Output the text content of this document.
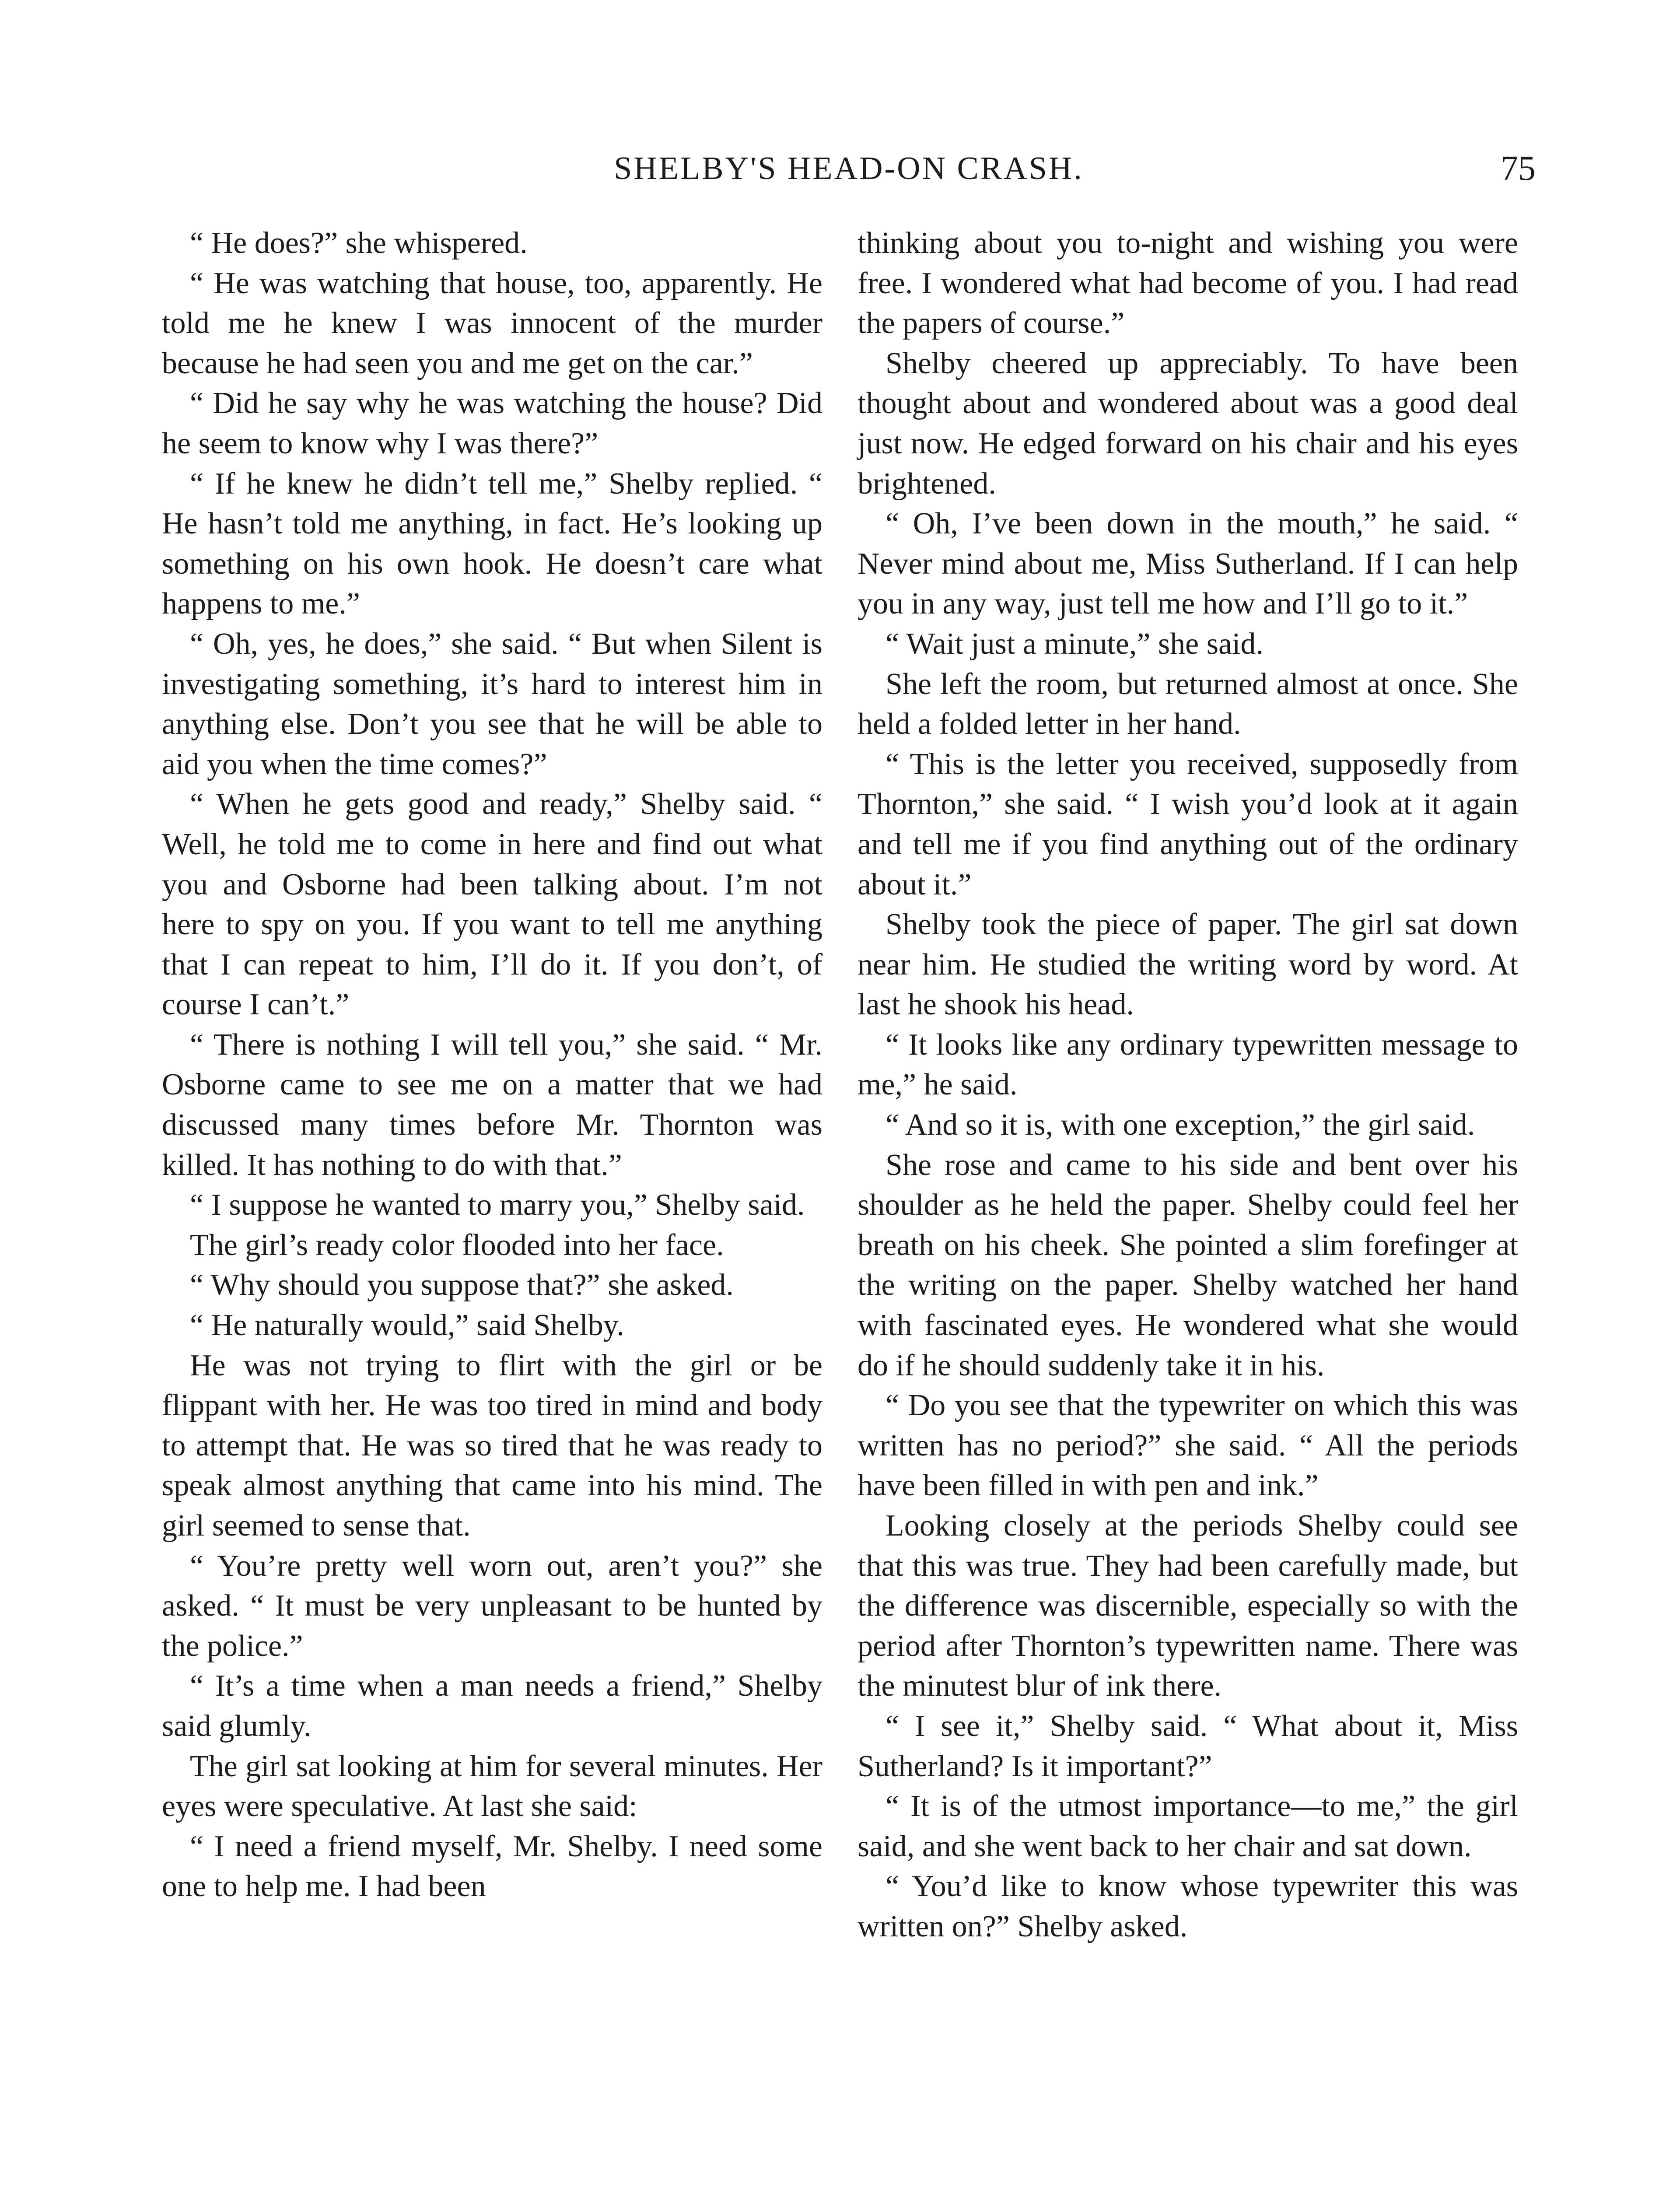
SHELBY'S HEAD-ON CRASH.	75

“ He does?” she whispered.

“ He was watching that house, too, apparently. He told me he knew I was innocent of the murder because he had seen you and me get on the car.”

“ Did he say why he was watching the house? Did he seem to know why I was there?”

“ If he knew he didn’t tell me,” Shelby replied. “ He hasn’t told me anything, in fact. He’s looking up something on his own hook. He doesn’t care what happens to me.”

“ Oh, yes, he does,” she said. “ But when Silent is investigating something, it’s hard to interest him in anything else. Don’t you see that he will be able to aid you when the time comes?”

“ When he gets good and ready,” Shelby said. “ Well, he told me to come in here and find out what you and Osborne had been talking about. I’m not here to spy on you. If you want to tell me anything that I can repeat to him, I’ll do it. If you don’t, of course I can’t.”

“ There is nothing I will tell you,” she said. “ Mr. Osborne came to see me on a matter that we had discussed many times before Mr. Thornton was killed. It has nothing to do with that.”

“ I suppose he wanted to marry you,” Shelby said.

The girl’s ready color flooded into her face.

“ Why should you suppose that?” she asked.

“ He naturally would,” said Shelby.

He was not trying to flirt with the girl or be flippant with her. He was too tired in mind and body to attempt that. He was so tired that he was ready to speak almost anything that came into his mind. The girl seemed to sense that.

“ You’re pretty well worn out, aren’t you?” she asked. “ It must be very unpleasant to be hunted by the police.”

“ It’s a time when a man needs a friend,” Shelby said glumly.

The girl sat looking at him for several minutes. Her eyes were speculative. At last she said:

“ I need a friend myself, Mr. Shelby. I need some one to help me. I had been

thinking about you to-night and wishing you were free. I wondered what had become of you. I had read the papers of course.”

Shelby cheered up appreciably. To have been thought about and wondered about was a good deal just now. He edged forward on his chair and his eyes brightened.

“ Oh, I’ve been down in the mouth,” he said. “ Never mind about me, Miss Sutherland. If I can help you in any way, just tell me how and I’ll go to it.”

“ Wait just a minute,” she said.

She left the room, but returned almost at once. She held a folded letter in her hand.

“ This is the letter you received, supposedly from Thornton,” she said. “ I wish you’d look at it again and tell me if you find anything out of the ordinary about it.”

Shelby took the piece of paper. The girl sat down near him. He studied the writing word by word. At last he shook his head.

“ It looks like any ordinary typewritten message to me,” he said.

“ And so it is, with one exception,” the girl said.

She rose and came to his side and bent over his shoulder as he held the paper. Shelby could feel her breath on his cheek. She pointed a slim forefinger at the writing on the paper. Shelby watched her hand with fascinated eyes. He wondered what she would do if he should suddenly take it in his.

“ Do you see that the typewriter on which this was written has no period?” she said. “ All the periods have been filled in with pen and ink.”

Looking closely at the periods Shelby could see that this was true. They had been carefully made, but the difference was discernible, especially so with the period after Thornton’s typewritten name. There was the minutest blur of ink there.

“ I see it,” Shelby said. “ What about it, Miss Sutherland? Is it important?”

“ It is of the utmost importance—to me,” the girl said, and she went back to her chair and sat down.

“ You’d like to know whose typewriter this was written on?” Shelby asked.
